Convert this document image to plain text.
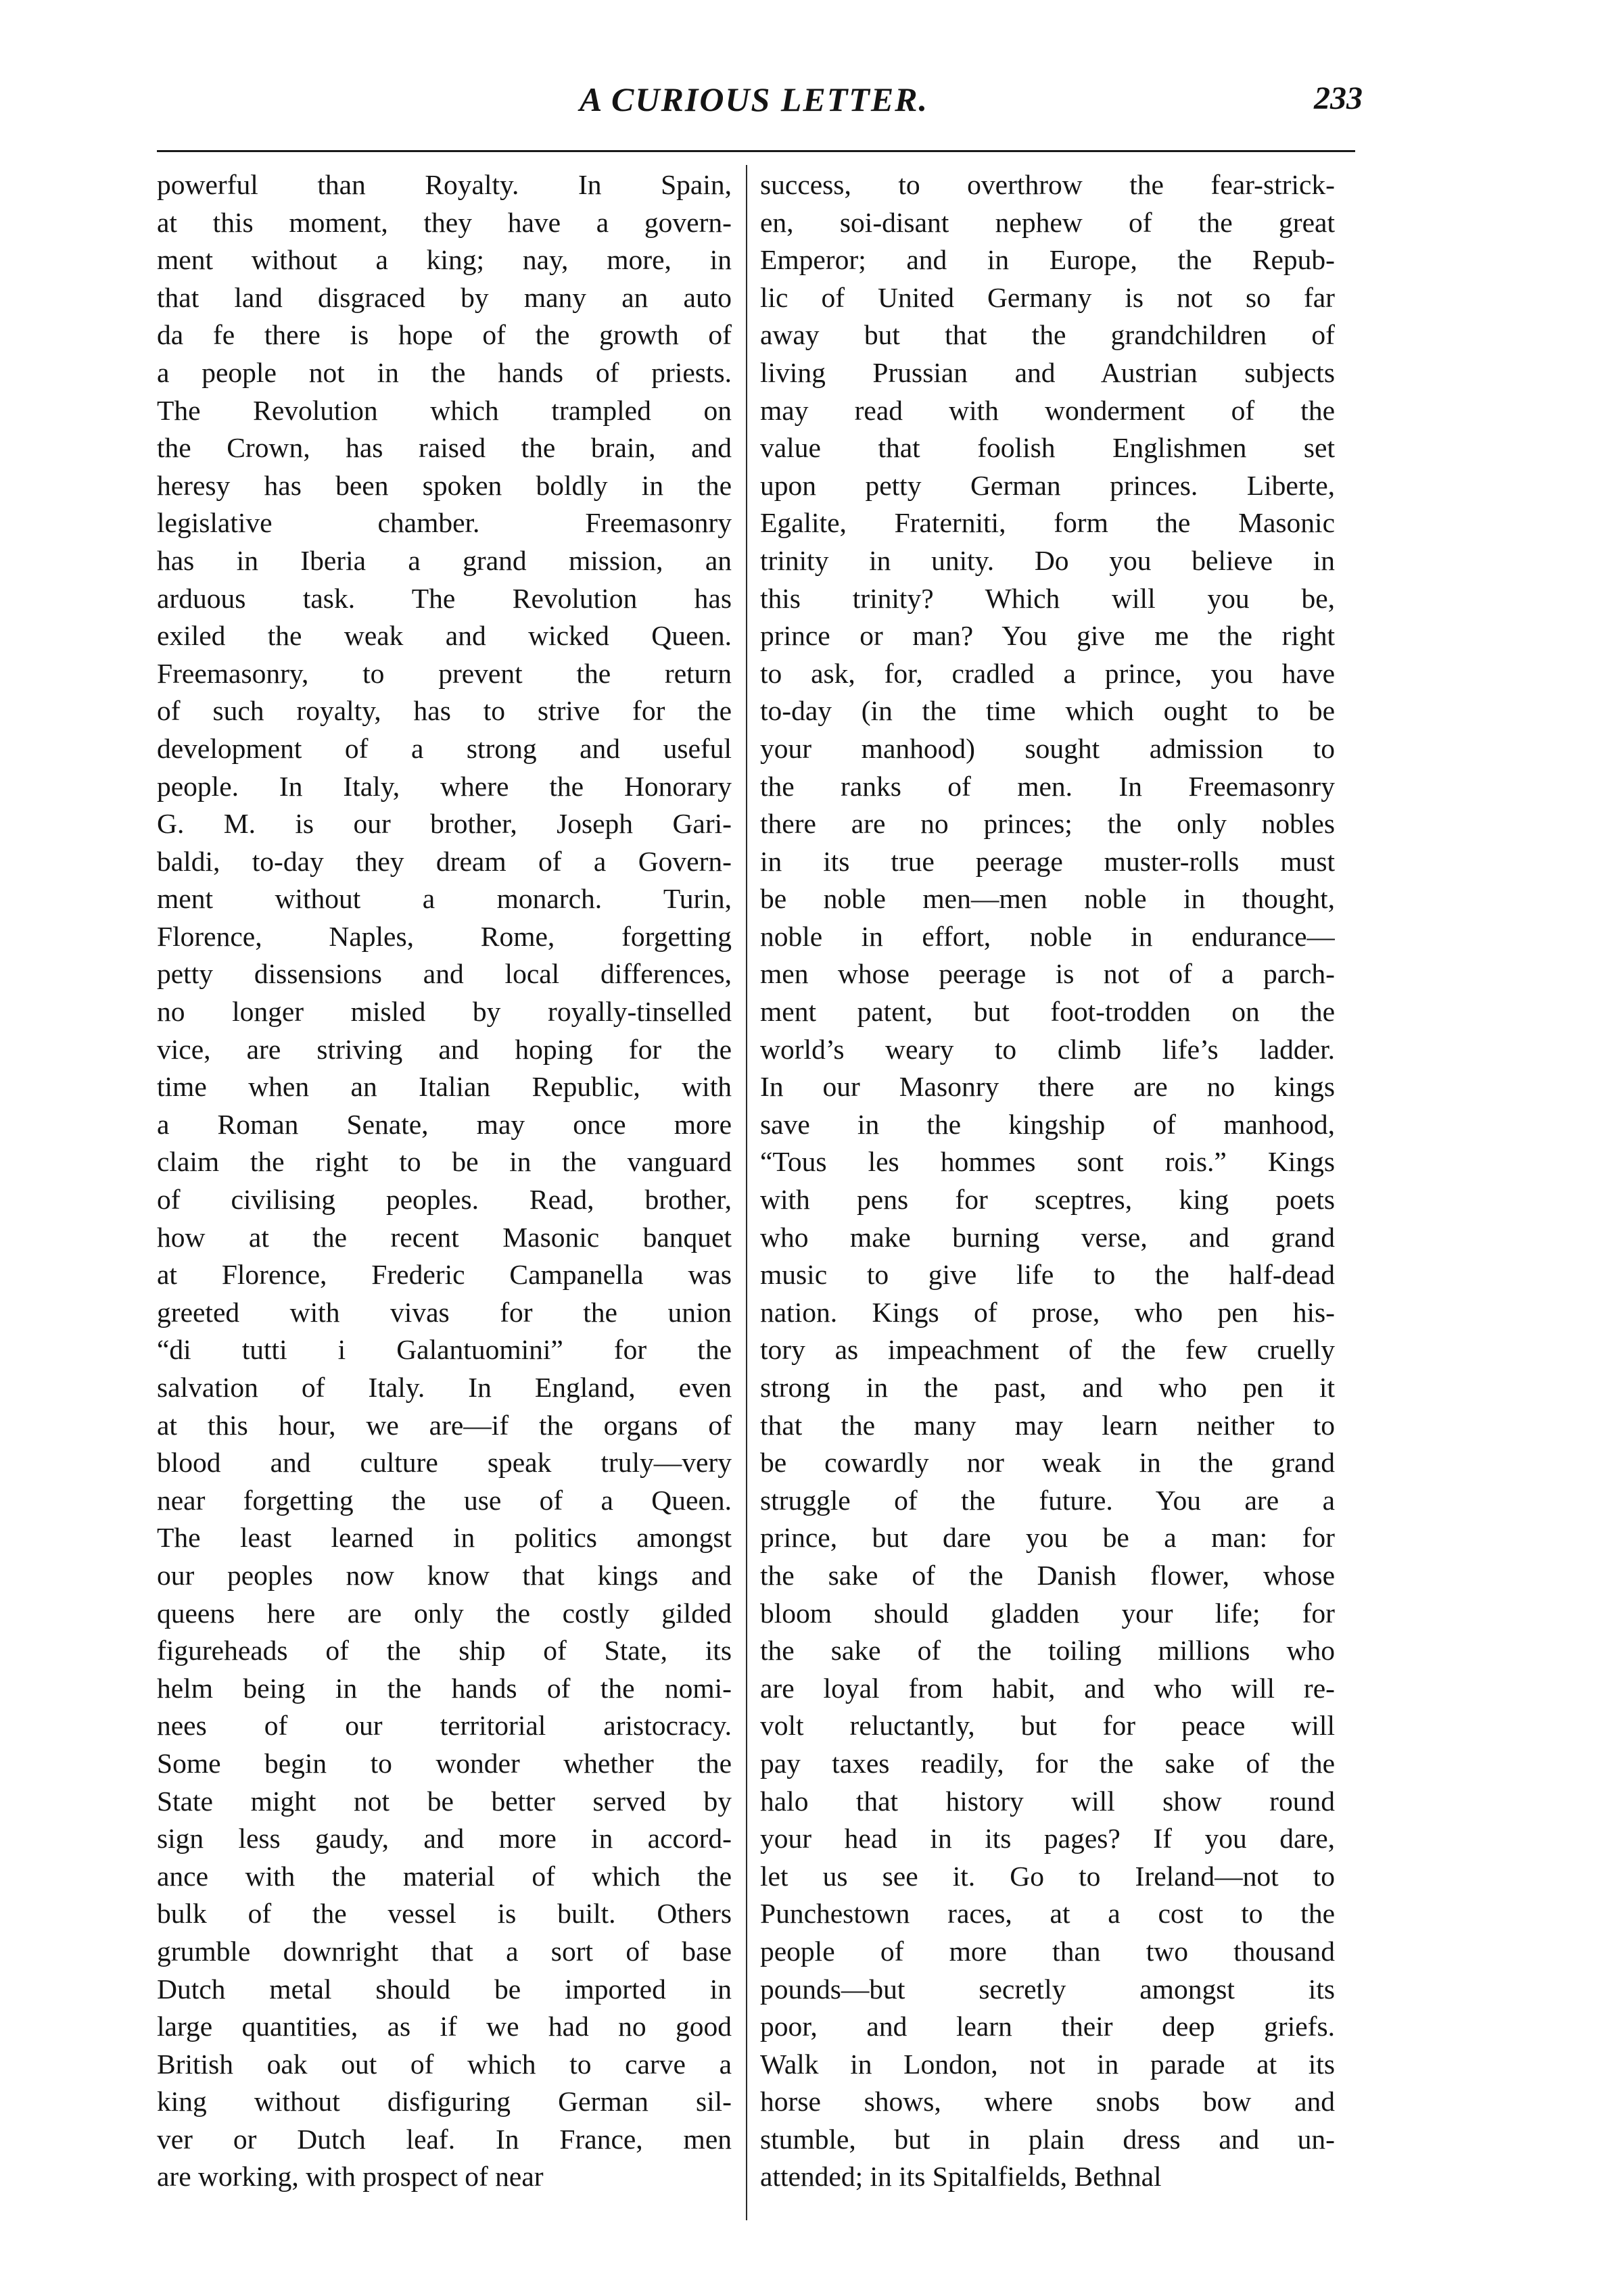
A CURIOUS LETTER.	233
powerful than Royalty. In Spain,
at this moment, they have a govern-
ment without a king; nay, more, in
that land disgraced by many an auto
da fe there is hope of the growth of
a people not in the hands of priests.
The Revolution which trampled on
the Crown, has raised the brain, and
heresy has been spoken boldly in the
legislative chamber. Freemasonry
has in Iberia a grand mission, an
arduous task. The Revolution has
exiled the weak and wicked Queen.
Freemasonry, to prevent the return
of such royalty, has to strive for the
development of a strong and useful
people. In Italy, where the Honorary
G. M. is our brother, Joseph Gari-
baldi, to-day they dream of a Govern-
ment without a monarch. Turin,
Florence, Naples, Rome, forgetting
petty dissensions and local differences,
no longer misled by royally-tinselled
vice, are striving and hoping for the
time when an Italian Republic, with
a Roman Senate, may once more
claim the right to be in the vanguard
of civilising peoples. Read, brother,
how at the recent Masonic banquet
at Florence, Frederic Campanella was
greeted with vivas for the union
“di tutti i Galantuomini” for the
salvation of Italy. In England, even
at this hour, we are—if the organs of
blood and culture speak truly—very
near forgetting the use of a Queen.
The least learned in politics amongst
our peoples now know that kings and
queens here are only the costly gilded
figureheads of the ship of State, its
helm being in the hands of the nomi-
nees of our territorial aristocracy.
Some begin to wonder whether the
State might not be better served by
sign less gaudy, and more in accord-
ance with the material of which the
bulk of the vessel is built. Others
grumble downright that a sort of base
Dutch metal should be imported in
large quantities, as if we had no good
British oak out of which to carve a
king without disfiguring German sil-
ver or Dutch leaf. In France, men
are working, with prospect of near
success, to overthrow the fear-strick-
en, soi-disant nephew of the great
Emperor; and in Europe, the Repub-
lic of United Germany is not so far
away but that the grandchildren of
living Prussian and Austrian subjects
may read with wonderment of the
value that foolish Englishmen set
upon petty German princes. Liberte,
Egalite, Fraterniti, form the Masonic
trinity in unity. Do you believe in
this trinity? Which will you be,
prince or man? You give me the right
to ask, for, cradled a prince, you have
to-day (in the time which ought to be
your manhood) sought admission to
the ranks of men. In Freemasonry
there are no princes; the only nobles
in its true peerage muster-rolls must
be noble men—men noble in thought,
noble in effort, noble in endurance—
men whose peerage is not of a parch-
ment patent, but foot-trodden on the
world’s weary to climb life’s ladder.
In our Masonry there are no kings
save in the kingship of manhood,
“Tous les hommes sont rois.” Kings
with pens for sceptres, king poets
who make burning verse, and grand
music to give life to the half-dead
nation. Kings of prose, who pen his-
tory as impeachment of the few cruelly
strong in the past, and who pen it
that the many may learn neither to
be cowardly nor weak in the grand
struggle of the future. You are a
prince, but dare you be a man: for
the sake of the Danish flower, whose
bloom should gladden your life; for
the sake of the toiling millions who
are loyal from habit, and who will re-
volt reluctantly, but for peace will
pay taxes readily, for the sake of the
halo that history will show round
your head in its pages? If you dare,
let us see it. Go to Ireland—not to
Punchestown races, at a cost to the
people of more than two thousand
pounds—but secretly amongst its
poor, and learn their deep griefs.
Walk in London, not in parade at its
horse shows, where snobs bow and
stumble, but in plain dress and un-
attended; in its Spitalfields, Bethnal
